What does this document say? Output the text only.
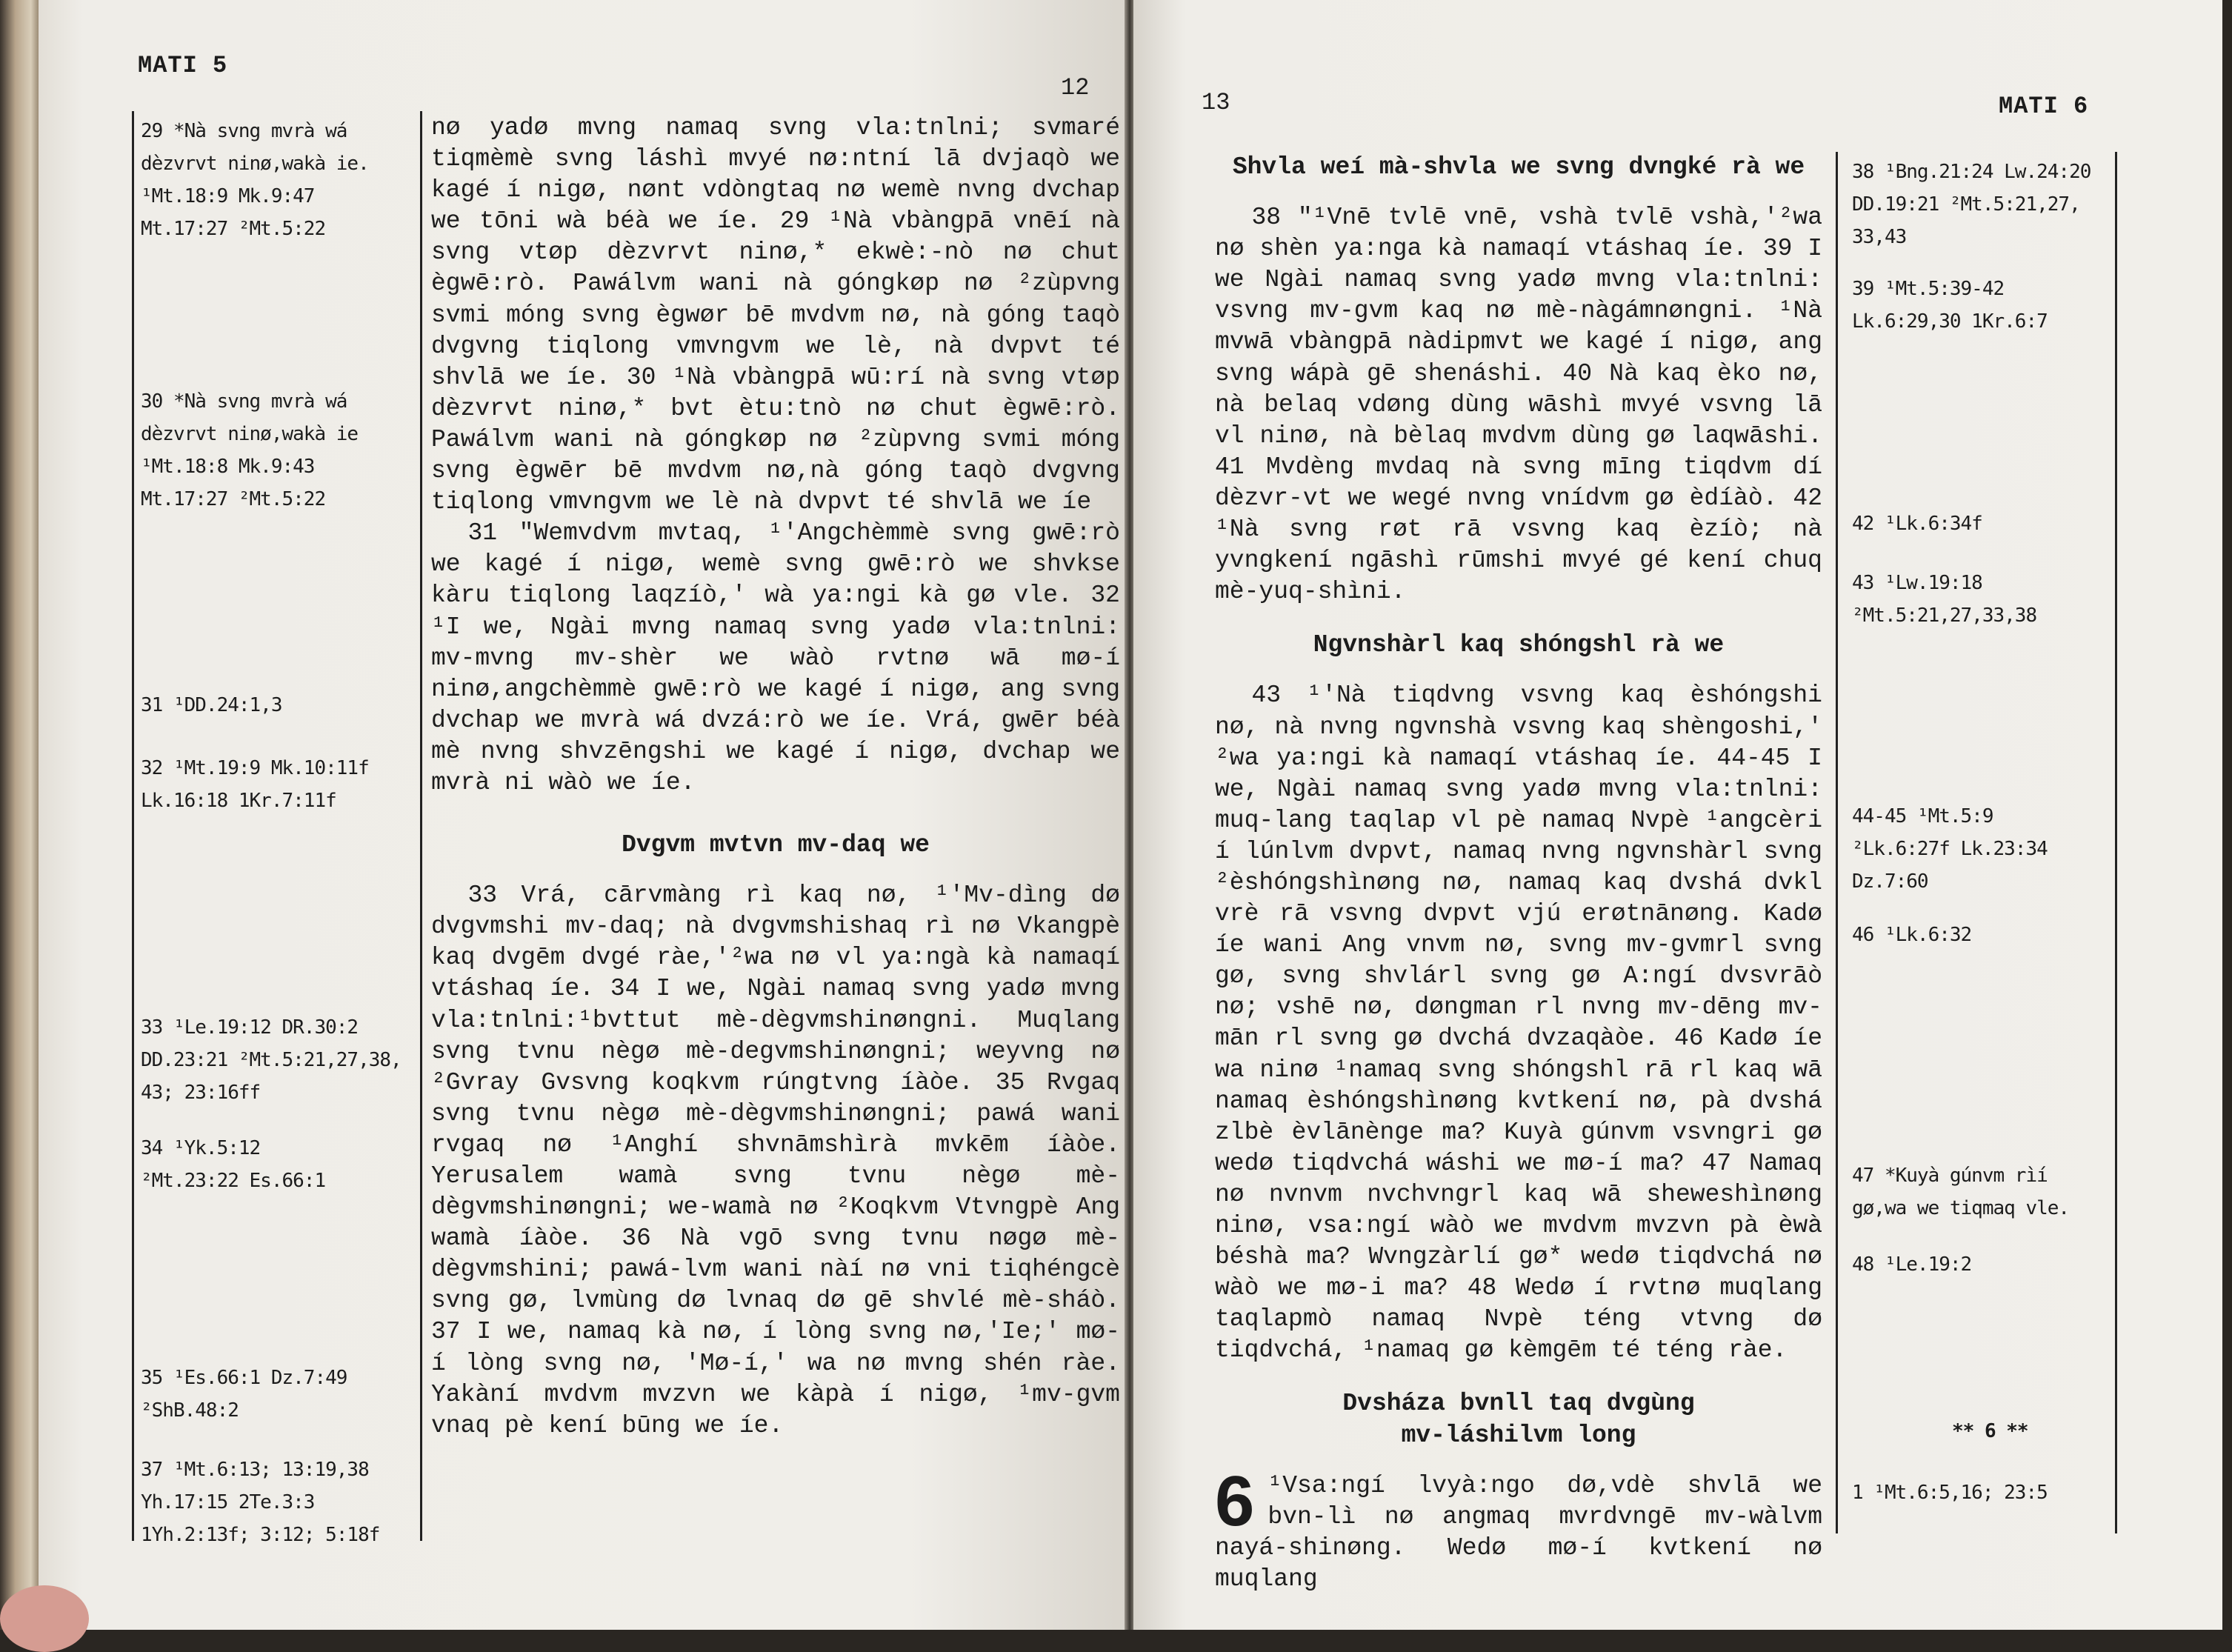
MATI 5
12

29 *Nà svng mvrà wá
dèzvrvt ninø,wakà ie.
¹Mt.18:9 Mk.9:47
Mt.17:27 ²Mt.5:22

30 *Nà svng mvrà wá
dèzvrvt ninø,wakà ie
¹Mt.18:8 Mk.9:43
Mt.17:27 ²Mt.5:22

31 ¹DD.24:1,3

32 ¹Mt.19:9 Mk.10:11f
Lk.16:18 1Kr.7:11f

33 ¹Le.19:12 DR.30:2
DD.23:21 ²Mt.5:21,27,38,
43; 23:16ff

34 ¹Yk.5:12
²Mt.23:22 Es.66:1

35 ¹Es.66:1 Dz.7:49
²ShB.48:2

37 ¹Mt.6:13; 13:19,38
Yh.17:15 2Te.3:3
1Yh.2:13f; 3:12; 5:18f

nø yadø mvng namaq svng vla:tnlni; svmaré tiqmèmè svng láshì mvyé nø:ntní lā dvjaqò we kagé í nigø, nønt vdòngtaq nø wemè nvng dvchap we tōni wà béà we íe. 29 ¹Nà vbàngpā vnēí nà svng vtøp dèzvrvt ninø,* ekwè:-nò nø chut ègwē:rò. Pawálvm wani nà góngkøp nø ²zùpvng svmi móng svng ègwør bē mvdvm nø, nà góng taqò dvgvng tiqlong vmvngvm we lè, nà dvpvt té shvlā we íe. 30 ¹Nà vbàngpā wū:rí nà svng vtøp dèzvrvt ninø,* bvt ètu:tnò nø chut ègwē:rò. Pawálvm wani nà góngkøp nø ²zùpvng svmi móng svng ègwēr bē mvdvm nø,nà góng taqò dvgvng tiqlong vmvngvm we lè nà dvpvt té shvlā we íe

31 "Wemvdvm mvtaq, ¹'Angchèmmè svng gwē:rò we kagé í nigø, wemè svng gwē:rò we shvkse kàru tiqlong laqzíò,' wà ya:ngi kà gø vle. 32 ¹I we, Ngài mvng namaq svng yadø vla:tnlni: mv-mvng mv-shèr we wàò rvtnø wā mø-í ninø,angchèmmè gwē:rò we kagé í nigø, ang svng dvchap we mvrà wá dvzá:rò we íe. Vrá, gwēr béà mè nvng shvzēngshi we kagé í nigø, dvchap we mvrà ni wàò we íe.

Dvgvm mvtvn mv-daq we

33 Vrá, cārvmàng rì kaq nø, ¹'Mv-dìng dø dvgvmshi mv-daq; nà dvgvmshishaq rì nø Vkangpè kaq dvgēm dvgé ràe,'²wa nø vl ya:ngà kà namaqí vtáshaq íe. 34 I we, Ngài namaq svng yadø mvng vla:tnlni:¹bvttut mè-dègvmshinøngni. Muqlang svng tvnu nègø mè-degvmshinøngni; weyvng nø ²Gvray Gvsvng koqkvm rúngtvng íàòe. 35 Rvgaq svng tvnu nègø mè-dègvmshinøngni; pawá wani rvgaq nø ¹Anghí shvnāmshìrà mvkēm íàòe. Yerusalem wamà svng tvnu nègø mè-dègvmshinøngni; we-wamà nø ²Koqkvm Vtvngpè Ang wamà íàòe. 36 Nà vgō svng tvnu nøgø mè-dègvmshini; pawá-lvm wani nàí nø vni tiqhéngcè svng gø, lvmùng dø lvnaq dø gē shvlé mè-sháò. 37 I we, namaq kà nø, í lòng svng nø,'Ie;' mø-í lòng svng nø, 'Mø-í,' wa nø mvng shén ràe. Yakàní mvdvm mvzvn we kàpà í nigø, ¹mv-gvm vnaq pè kení būng we íe.

13	MATI 6
Shvla weí mà-shvla we svng dvngké rà we

38 "¹Vnē tvlē vnē, vshà tvlē vshà,'²wa nø shèn ya:nga kà namaqí vtáshaq íe. 39 I we Ngài namaq svng yadø mvng vla:tnlni: vsvng mv-gvm kaq nø mè-nàgámnøngni. ¹Nà mvwā vbàngpā nàdipmvt we kagé í nigø, ang svng wápà gē shenáshi. 40 Nà kaq èko nø, nà belaq vdøng dùng wāshì mvyé vsvng lā vl ninø, nà bèlaq mvdvm dùng gø laqwāshi. 41 Mvdèng mvdaq nà svng mīng tiqdvm dí dèzvr-vt we wegé nvng vnídvm gø èdíàò. 42 ¹Nà svng røt rā vsvng kaq èzíò; nà yvngkení ngāshì rūmshi mvyé gé kení chuq mè-yuq-shìni.

Ngvnshàrl kaq shóngshl rà we

43 ¹'Nà tiqdvng vsvng kaq èshóngshi nø, nà nvng ngvnshà vsvng kaq shèngoshi,' ²wa ya:ngi kà namaqí vtáshaq íe. 44-45 I we, Ngài namaq svng yadø mvng vla:tnlni: muq-lang taqlap vl pè namaq Nvpè ¹angcèri í lúnlvm dvpvt, namaq nvng ngvnshàrl svng ²èshóngshìnøng nø, namaq kaq dvshá dvkl vrè rā vsvng dvpvt vjú erøtnānøng. Kadø íe wani Ang vnvm nø, svng mv-gvmrl svng gø, svng shvlárl svng gø A:ngí dvsvrāò nø; vshē nø, døngman rl nvng mv-dēng mv-mān rl svng gø dvchá dvzaqàòe. 46 Kadø íe wa ninø ¹namaq svng shóngshl rā rl kaq wā namaq èshóngshìnøng kvtkení nø, pà dvshá zlbè èvlānènge ma? Kuyà gúnvm vsvngri gø wedø tiqdvchá wáshi we mø-í ma? 47 Namaq nø nvnvm nvchvngrl kaq wā sheweshìnøng ninø, vsa:ngí wàò we mvdvm mvzvn pà èwà béshà ma? Wvngzàrlí gø* wedø tiqdvchá nø wàò we mø-i ma? 48 Wedø í rvtnø muqlang taqlapmò namaq Nvpè téng vtvng dø tiqdvchá, ¹namaq gø kèmgēm té téng ràe.

Dvsháza bvnll taq dvgùng
mv-láshilvm long

6 ¹Vsa:ngí lvyà:ngo dø,vdè shvlā we bvn-lì nø angmaq mvrdvngē mv-wàlvm nayá-shinøng. Wedø mø-í kvtkení nø muqlang

38 ¹Bng.21:24 Lw.24:20
DD.19:21 ²Mt.5:21,27,
33,43

39 ¹Mt.5:39-42
Lk.6:29,30 1Kr.6:7

42 ¹Lk.6:34f

43 ¹Lw.19:18
²Mt.5:21,27,33,38

44-45 ¹Mt.5:9
²Lk.6:27f Lk.23:34
Dz.7:60

46 ¹Lk.6:32

47 *Kuyà gúnvm rìí
gø,wa we tiqmaq vle.

48 ¹Le.19:2

** 6 **

1 ¹Mt.6:5,16; 23:5
